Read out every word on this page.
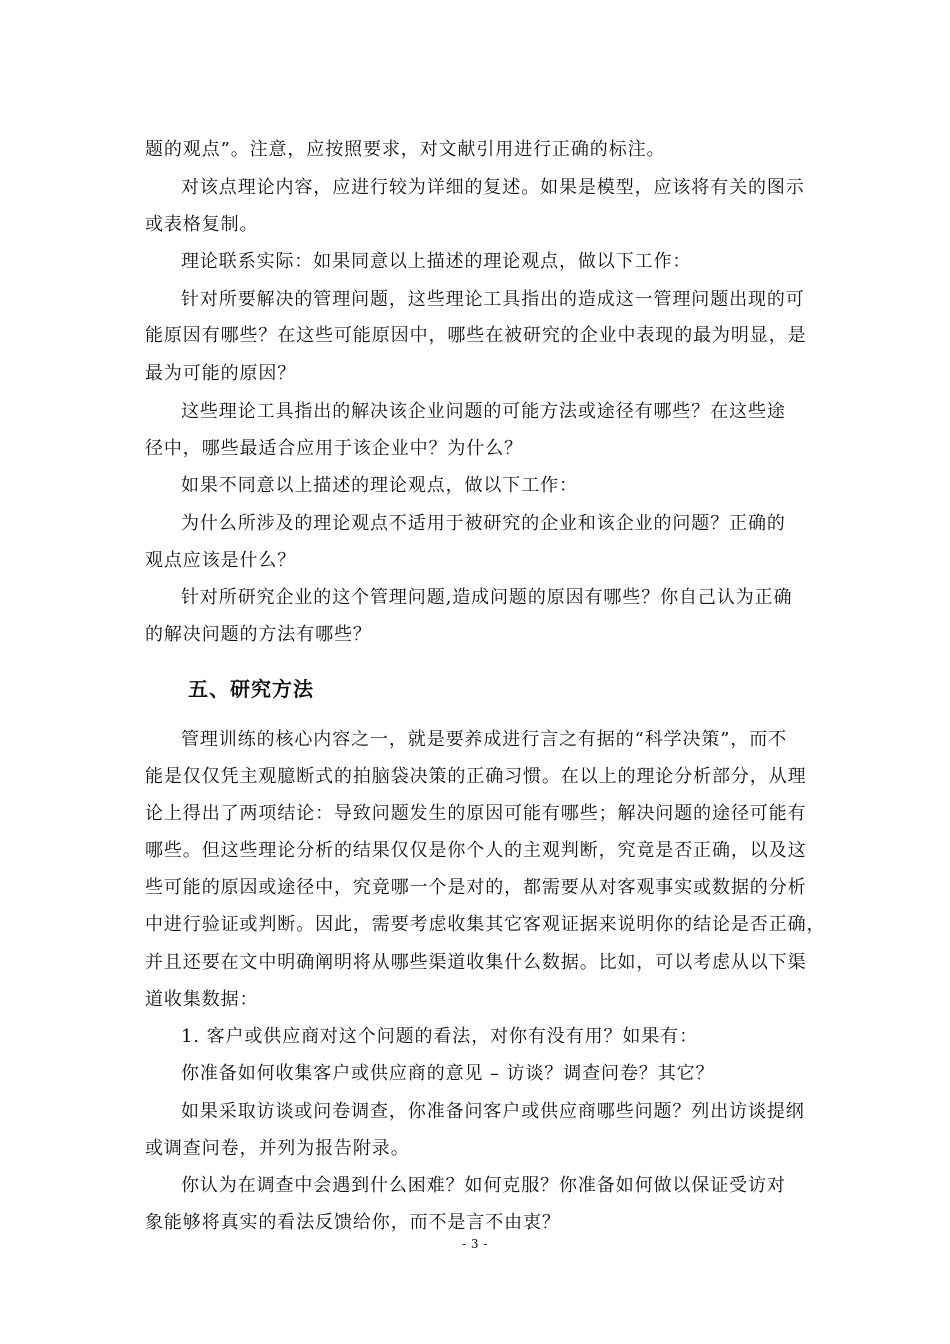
题的观点”。注意，应按照要求，对文献引用进行正确的标注。

对该点理论内容，应进行较为详细的复述。如果是模型，应该将有关的图示

或表格复制。

理论联系实际：如果同意以上描述的理论观点，做以下工作：

针对所要解决的管理问题，这些理论工具指出的造成这一管理问题出现的可

能原因有哪些？在这些可能原因中，哪些在被研究的企业中表现的最为明显，是

最为可能的原因？

这些理论工具指出的解决该企业问题的可能方法或途径有哪些？在这些途

径中，哪些最适合应用于该企业中？为什么？

如果不同意以上描述的理论观点，做以下工作：

为什么所涉及的理论观点不适用于被研究的企业和该企业的问题？正确的

观点应该是什么？

针对所研究企业的这个管理问题,造成问题的原因有哪些？你自己认为正确

的解决问题的方法有哪些？

五、研究方法

管理训练的核心内容之一，就是要养成进行言之有据的“科学决策”，而不

能是仅仅凭主观臆断式的拍脑袋决策的正确习惯。在以上的理论分析部分，从理

论上得出了两项结论：导致问题发生的原因可能有哪些；解决问题的途径可能有

哪些。但这些理论分析的结果仅仅是你个人的主观判断，究竟是否正确，以及这

些可能的原因或途径中，究竟哪一个是对的，都需要从对客观事实或数据的分析

中进行验证或判断。因此，需要考虑收集其它客观证据来说明你的结论是否正确，

并且还要在文中明确阐明将从哪些渠道收集什么数据。比如，可以考虑从以下渠

道收集数据：

1. 客户或供应商对这个问题的看法，对你有没有用？如果有：

你准备如何收集客户或供应商的意见 – 访谈？调查问卷？其它？

如果采取访谈或问卷调查，你准备问客户或供应商哪些问题？列出访谈提纲

或调查问卷，并列为报告附录。

你认为在调查中会遇到什么困难？如何克服？你准备如何做以保证受访对

象能够将真实的看法反馈给你，而不是言不由衷？

- 3 -
